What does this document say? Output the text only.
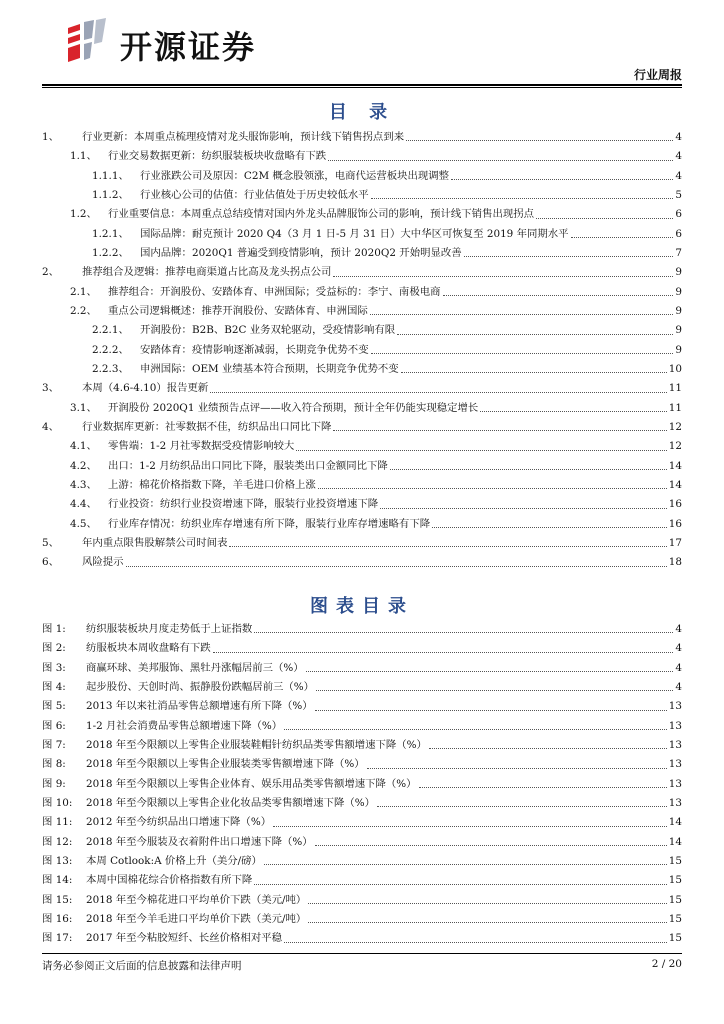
开源证券
行业周报
目 录
1、	行业更新：本周重点梳理疫情对龙头服饰影响，预计线下销售拐点到来	4
1.1、	行业交易数据更新：纺织服装板块收盘略有下跌	4
1.1.1、	行业涨跌公司及原因：C2M 概念股领涨，电商代运营板块出现调整	4
1.1.2、	行业核心公司的估值：行业估值处于历史较低水平	5
1.2、	行业重要信息：本周重点总结疫情对国内外龙头品牌服饰公司的影响，预计线下销售出现拐点	6
1.2.1、	国际品牌：耐克预计 2020 Q4（3 月 1 日-5 月 31 日）大中华区可恢复至 2019 年同期水平	6
1.2.2、	国内品牌：2020Q1 普遍受到疫情影响，预计 2020Q2 开始明显改善	7
2、	推荐组合及逻辑：推荐电商渠道占比高及龙头拐点公司	9
2.1、	推荐组合：开润股份、安踏体育、申洲国际；受益标的：李宁、南极电商	9
2.2、	重点公司逻辑概述：推荐开润股份、安踏体育、申洲国际	9
2.2.1、	开润股份：B2B、B2C 业务双轮驱动，受疫情影响有限	9
2.2.2、	安踏体育：疫情影响逐渐减弱，长期竞争优势不变	9
2.2.3、	申洲国际：OEM 业绩基本符合预期，长期竞争优势不变	10
3、	本周（4.6-4.10）报告更新	11
3.1、	开润股份 2020Q1 业绩预告点评——收入符合预期，预计全年仍能实现稳定增长	11
4、	行业数据库更新：社零数据不佳，纺织品出口同比下降	12
4.1、	零售端：1-2 月社零数据受疫情影响较大	12
4.2、	出口：1-2 月纺织品出口同比下降，服装类出口金额同比下降	14
4.3、	上游：棉花价格指数下降，羊毛进口价格上涨	14
4.4、	行业投资：纺织行业投资增速下降，服装行业投资增速下降	16
4.5、	行业库存情况：纺织业库存增速有所下降，服装行业库存增速略有下降	16
5、	年内重点限售股解禁公司时间表	17
6、	风险提示	18
图表目录
图 1:	纺织服装板块月度走势低于上证指数	4
图 2:	纺服板块本周收盘略有下跌	4
图 3:	商赢环球、美邦服饰、黑牡丹涨幅居前三（%）	4
图 4:	起步股份、天创时尚、振静股份跌幅居前三（%）	4
图 5:	2013 年以来社消品零售总额增速有所下降（%）	13
图 6:	1-2 月社会消费品零售总额增速下降（%）	13
图 7:	2018 年至今限额以上零售企业服装鞋帽针纺织品类零售额增速下降（%）	13
图 8:	2018 年至今限额以上零售企业服装类零售额增速下降（%）	13
图 9:	2018 年至今限额以上零售企业体育、娱乐用品类零售额增速下降（%）	13
图 10:	2018 年至今限额以上零售企业化妆品类零售额增速下降（%）	13
图 11:	2012 年至今纺织品出口增速下降（%）	14
图 12:	2018 年至今服装及衣着附件出口增速下降（%）	14
图 13:	本周 Cotlook:A 价格上升（美分/磅）	15
图 14:	本周中国棉花综合价格指数有所下降	15
图 15:	2018 年至今棉花进口平均单价下跌（美元/吨）	15
图 16:	2018 年至今羊毛进口平均单价下跌（美元/吨）	15
图 17:	2017 年至今粘胶短纤、长丝价格相对平稳	15
请务必参阅正文后面的信息披露和法律声明	2 / 20
